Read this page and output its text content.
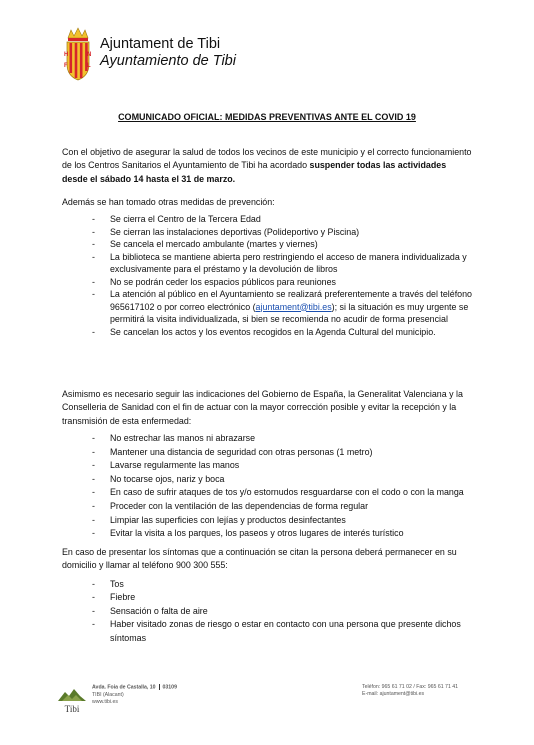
Ajuntament de Tibi
Ayuntamiento de Tibi
H	N
F	L
COMUNICADO OFICIAL: MEDIDAS PREVENTIVAS ANTE EL COVID 19
Con el objetivo de asegurar la salud de todos los vecinos de este municipio y el correcto funcionamiento de los Centros Sanitarios el Ayuntamiento de Tibi ha acordado suspender todas las actividades desde el sábado 14 hasta el 31 de marzo.
Además se han tomado otras medidas de prevención:
- Se cierra el Centro de la Tercera Edad
- Se cierran las instalaciones deportivas (Polideportivo y Piscina)
- Se cancela el mercado ambulante (martes y viernes)
- La biblioteca se mantiene abierta pero restringiendo el acceso de manera individualizada y exclusivamente para el préstamo y la devolución de libros
- No se podrán ceder los espacios públicos para reuniones
- La atención al público en el Ayuntamiento se realizará preferentemente a través del teléfono 965617102 o por correo electrónico (ajuntament@tibi.es); si la situación es muy urgente se permitirá la visita individualizada, si bien se recomienda no acudir de forma presencial
- Se cancelan los actos y los eventos recogidos en la Agenda Cultural del municipio.
Asimismo es necesario seguir las indicaciones del Gobierno de España, la Generalitat Valenciana y la Conselleria de Sanidad con el fin de actuar con la mayor corrección posible y evitar la recepción y la transmisión de esta enfermedad:
- No estrechar las manos ni abrazarse
- Mantener una distancia de seguridad con otras personas (1 metro)
- Lavarse regularmente las manos
- No tocarse ojos, nariz y boca
- En caso de sufrir ataques de tos y/o estornudos resguardarse con el codo o con la manga
- Proceder con la ventilación de las dependencias de forma regular
- Limpiar las superficies con lejías y productos desinfectantes
- Evitar la visita a los parques, los paseos y otros lugares de interés turístico
En caso de presentar los síntomas que a continuación se citan la persona deberá permanecer en su domicilio y llamar al teléfono 900 300 555:
- Tos
- Fiebre
- Sensación o falta de aire
- Haber visitado zonas de riesgo o estar en contacto con una persona que presente dichos síntomas
Tibi
Avda. Foia de Castalla, 10 03109
TIBI (Alacant)
www.tibi.es
Teléfon: 965 61 71 02 / Fax: 965 61 71 41
E-mail: ajuntament@tibi.es
